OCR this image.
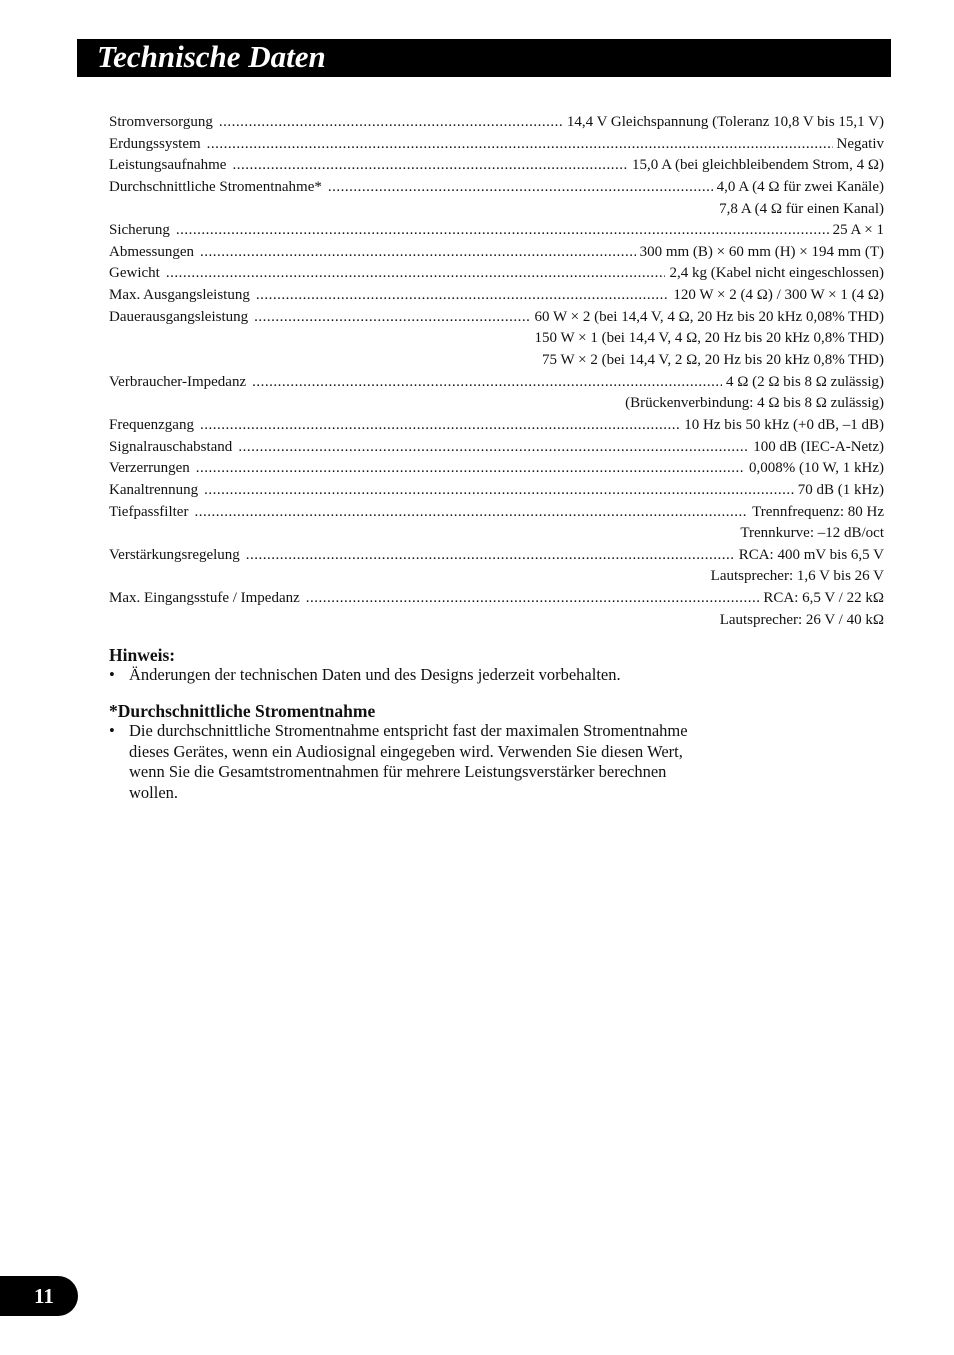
Technische Daten
Stromversorgung .....	14,4 V Gleichspannung (Toleranz 10,8 V bis 15,1 V)
Erdungssystem .....	Negativ
Leistungsaufnahme .....	15,0 A (bei gleichbleibendem Strom, 4 Ω)
Durchschnittliche Stromentnahme* .....	4,0 A (4 Ω für zwei Kanäle)
7,8 A (4 Ω für einen Kanal)
Sicherung .....	25 A × 1
Abmessungen .....	300 mm (B) × 60 mm (H) × 194 mm (T)
Gewicht .....	2,4 kg (Kabel nicht eingeschlossen)
Max. Ausgangsleistung .....	120 W × 2 (4 Ω) / 300 W × 1 (4 Ω)
Dauerausgangsleistung .....	60 W × 2 (bei 14,4 V, 4 Ω, 20 Hz bis 20 kHz 0,08% THD)
150 W × 1 (bei 14,4 V, 4 Ω, 20 Hz bis 20 kHz 0,8% THD)
75 W × 2 (bei 14,4 V, 2 Ω, 20 Hz bis 20 kHz 0,8% THD)
Verbraucher-Impedanz .....	4 Ω (2 Ω bis 8 Ω zulässig)
(Brückenverbindung: 4 Ω bis 8 Ω zulässig)
Frequenzgang .....	10 Hz bis 50 kHz (+0 dB, –1 dB)
Signalrauschabstand .....	100 dB (IEC-A-Netz)
Verzerrungen .....	0,008% (10 W, 1 kHz)
Kanaltrennung .....	70 dB (1 kHz)
Tiefpassfilter .....	Trennfrequenz: 80 Hz
Trennkurve: –12 dB/oct
Verstärkungsregelung .....	RCA: 400 mV bis 6,5 V
Lautsprecher: 1,6 V bis 26 V
Max. Eingangsstufe / Impedanz .....	RCA: 6,5 V / 22 kΩ
Lautsprecher: 26 V / 40 kΩ
Hinweis:
• Änderungen der technischen Daten und des Designs jederzeit vorbehalten.
*Durchschnittliche Stromentnahme
• Die durchschnittliche Stromentnahme entspricht fast der maximalen Stromentnahme dieses Gerätes, wenn ein Audiosignal eingegeben wird. Verwenden Sie diesen Wert, wenn Sie die Gesamtstromentnahmen für mehrere Leistungsverstärker berechnen wollen.
11
